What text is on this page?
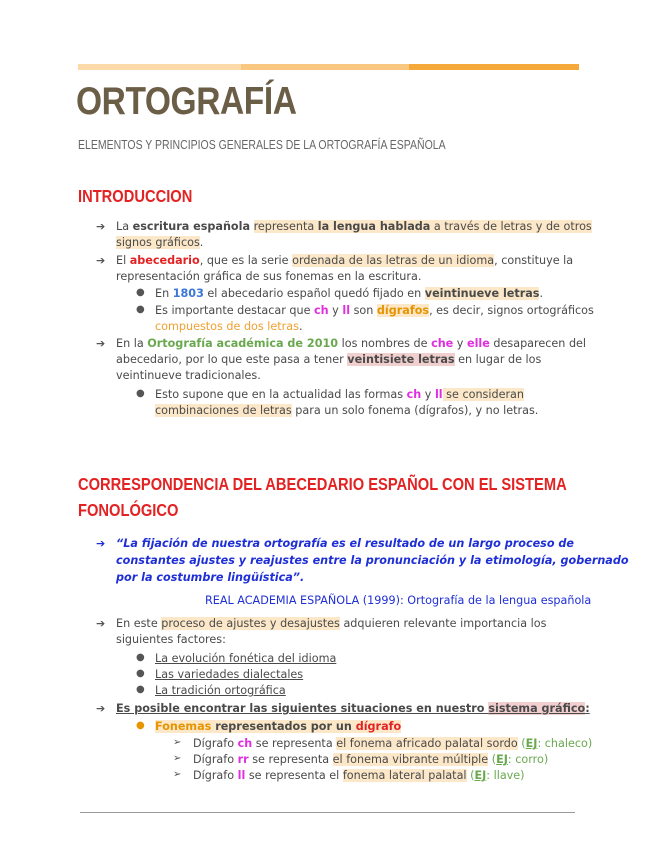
ORTOGRAFÍA
ELEMENTOS Y PRINCIPIOS GENERALES DE LA ORTOGRAFÍA ESPAÑOLA
INTRODUCCION
➔ La escritura española representa la lengua hablada a través de letras y de otros
signos gráficos.
➔ El abecedario, que es la serie ordenada de las letras de un idioma, constituye la
representación gráfica de sus fonemas en la escritura.
● En 1803 el abecedario español quedó fijado en veintinueve letras.
● Es importante destacar que ch y ll son dígrafos, es decir, signos ortográficos
compuestos de dos letras.
➔ En la Ortografía académica de 2010 los nombres de che y elle desaparecen del
abecedario, por lo que este pasa a tener veintisiete letras en lugar de los
veintinueve tradicionales.
● Esto supone que en la actualidad las formas ch y ll se consideran
combinaciones de letras para un solo fonema (dígrafos), y no letras.
CORRESPONDENCIA DEL ABECEDARIO ESPAÑOL CON EL SISTEMA
FONOLÓGICO
➔ “La fijación de nuestra ortografía es el resultado de un largo proceso de
constantes ajustes y reajustes entre la pronunciación y la etimología, gobernado
por la costumbre lingüística”.
REAL ACADEMIA ESPAÑOLA (1999): Ortografía de la lengua española
➔ En este proceso de ajustes y desajustes adquieren relevante importancia los
siguientes factores:
● La evolución fonética del idioma
● Las variedades dialectales
● La tradición ortográfica
➔ Es posible encontrar las siguientes situaciones en nuestro sistema gráfico:
● Fonemas representados por un dígrafo
➢ Dígrafo ch se representa el fonema africado palatal sordo (EJ: chaleco)
➢ Dígrafo rr se representa el fonema vibrante múltiple (EJ: corro)
➢ Dígrafo ll se representa el fonema lateral palatal (EJ: llave)
